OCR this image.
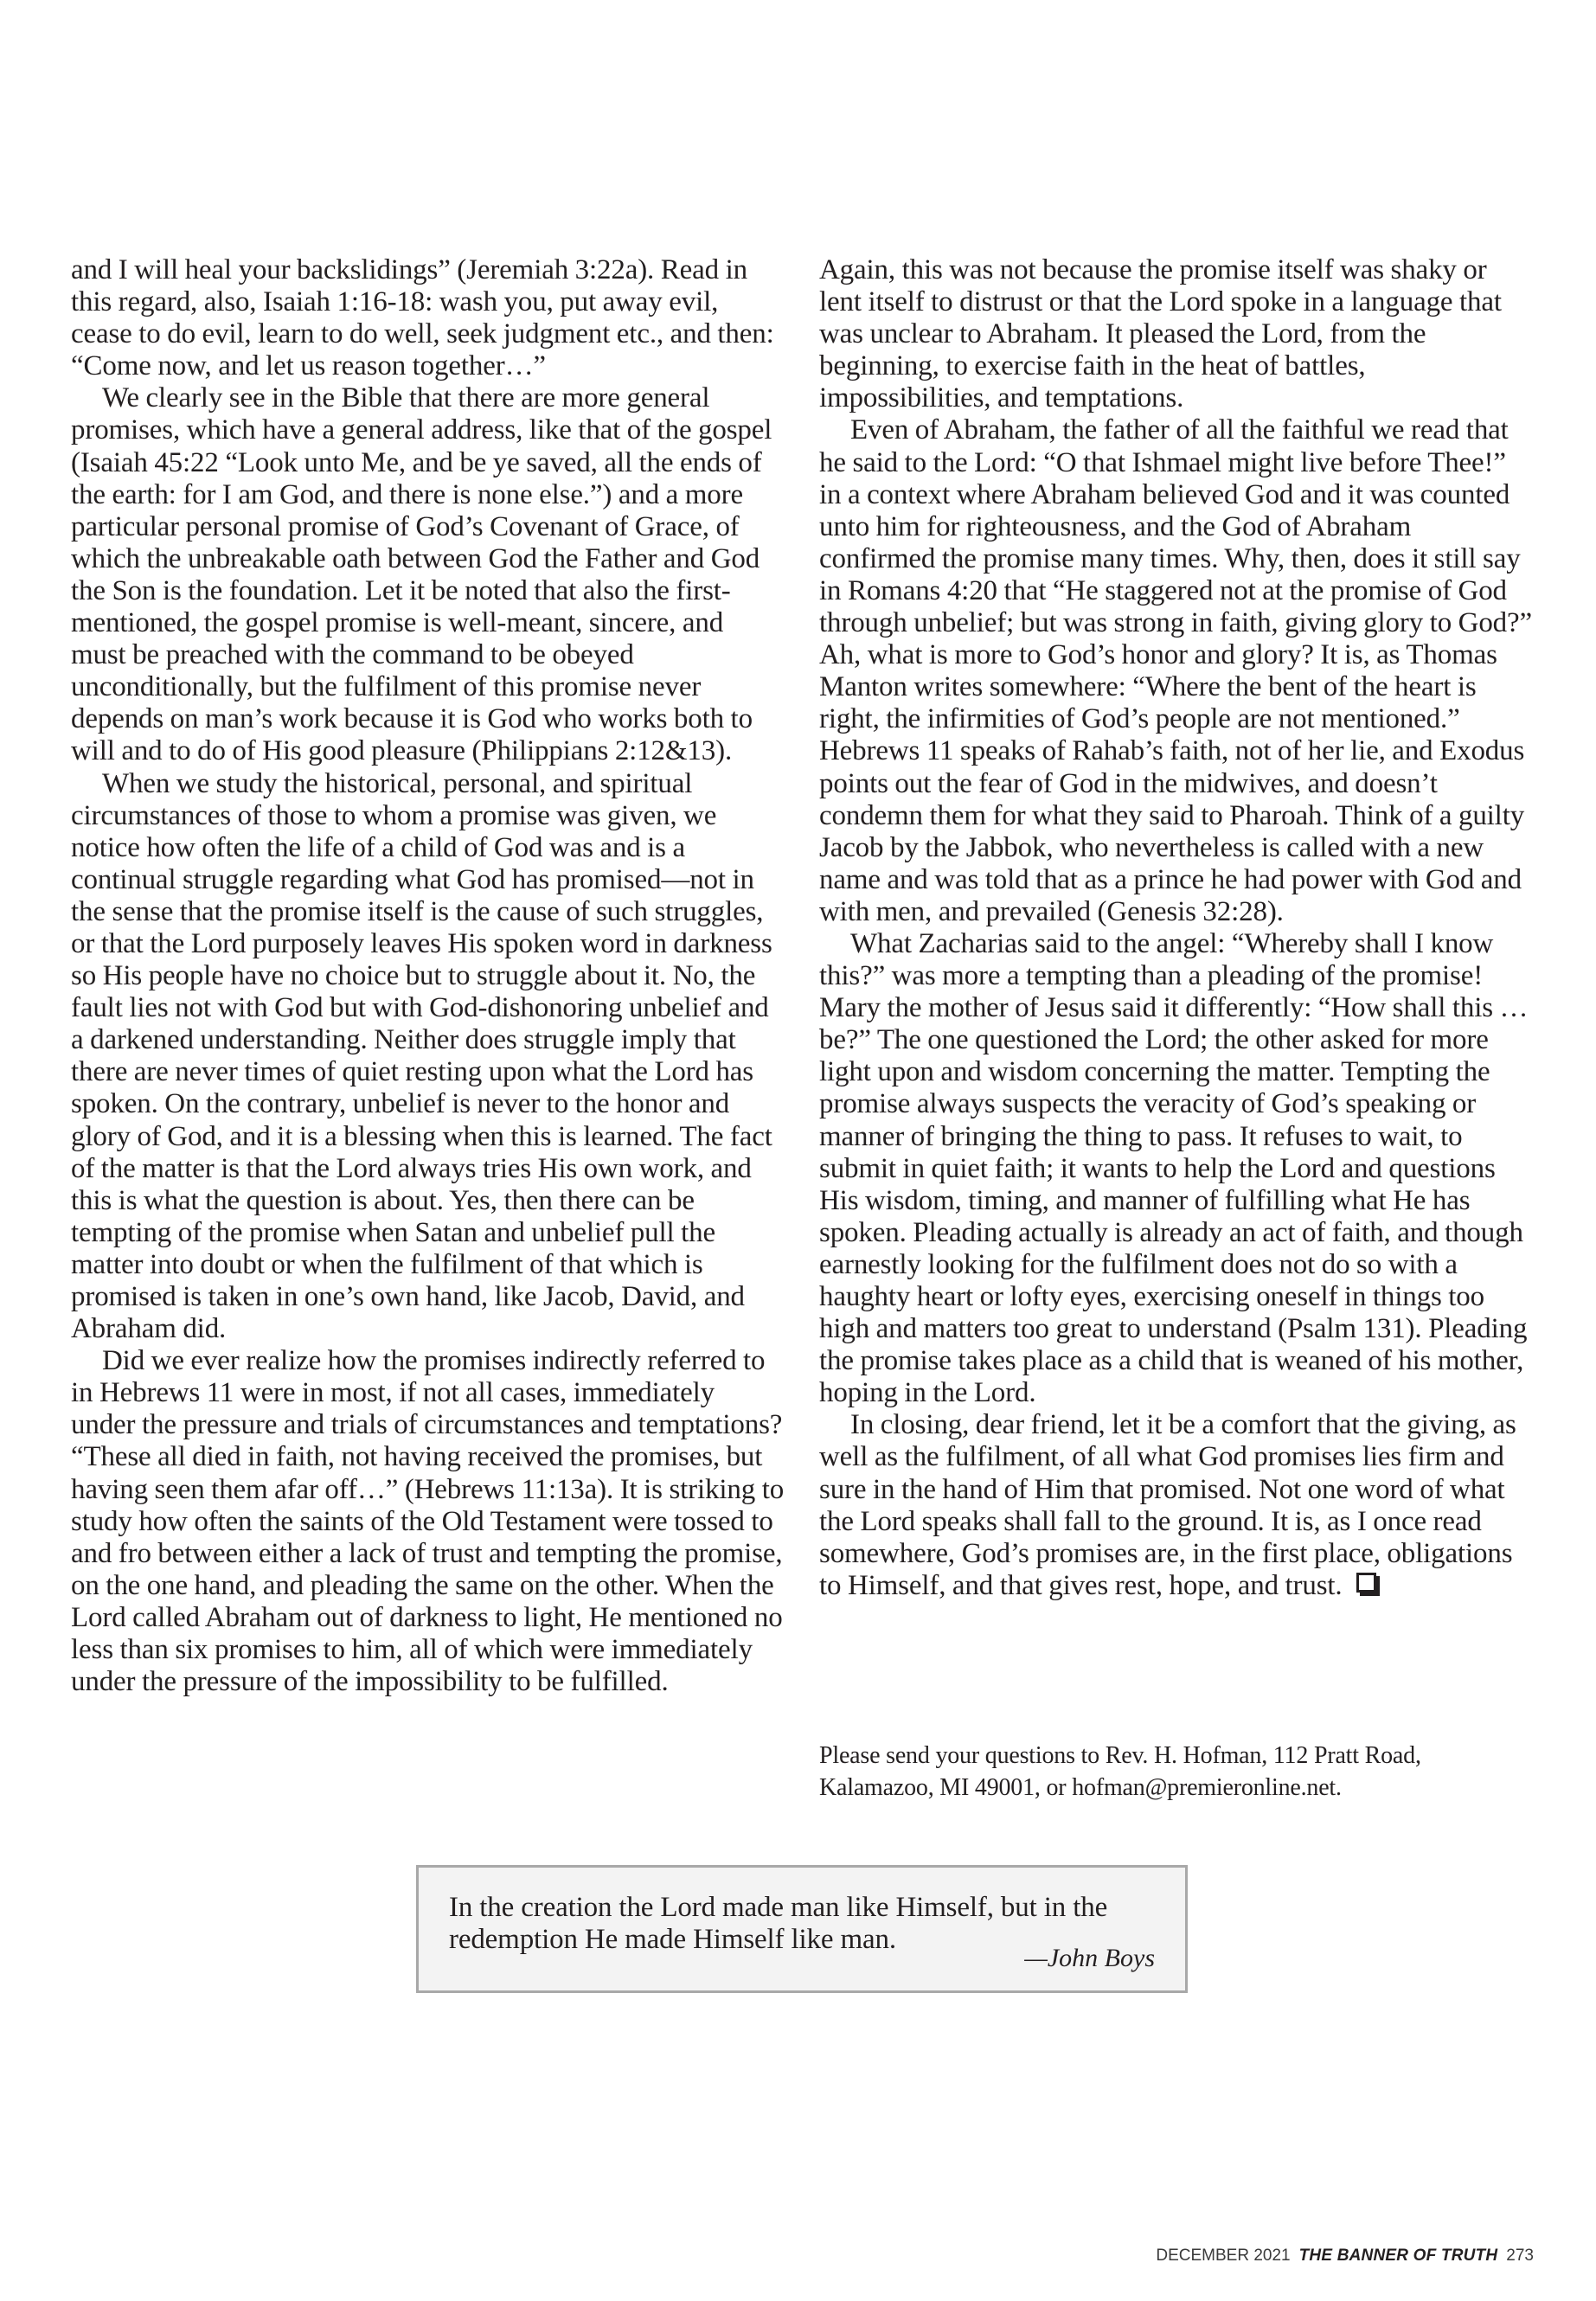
and I will heal your backslidings” (Jeremiah 3:22a). Read in this regard, also, Isaiah 1:16-18: wash you, put away evil, cease to do evil, learn to do well, seek judgment etc., and then: “Come now, and let us reason together…”

We clearly see in the Bible that there are more general promises, which have a general address, like that of the gospel (Isaiah 45:22 “Look unto Me, and be ye saved, all the ends of the earth: for I am God, and there is none else.”) and a more particular personal promise of God’s Covenant of Grace, of which the unbreakable oath between God the Father and God the Son is the foundation. Let it be noted that also the first-mentioned, the gospel promise is well-meant, sincere, and must be preached with the command to be obeyed unconditionally, but the fulfilment of this promise never depends on man’s work because it is God who works both to will and to do of His good pleasure (Philippians 2:12&13).

When we study the historical, personal, and spiritual circumstances of those to whom a promise was given, we notice how often the life of a child of God was and is a continual struggle regarding what God has promised—not in the sense that the promise itself is the cause of such struggles, or that the Lord purposely leaves His spoken word in darkness so His people have no choice but to struggle about it. No, the fault lies not with God but with God-dishonoring unbelief and a darkened understanding. Neither does struggle imply that there are never times of quiet resting upon what the Lord has spoken. On the contrary, unbelief is never to the honor and glory of God, and it is a blessing when this is learned. The fact of the matter is that the Lord always tries His own work, and this is what the question is about. Yes, then there can be tempting of the promise when Satan and unbelief pull the matter into doubt or when the fulfilment of that which is promised is taken in one’s own hand, like Jacob, David, and Abraham did.

Did we ever realize how the promises indirectly referred to in Hebrews 11 were in most, if not all cases, immediately under the pressure and trials of circumstances and temptations? “These all died in faith, not having received the promises, but having seen them afar off…” (Hebrews 11:13a). It is striking to study how often the saints of the Old Testament were tossed to and fro between either a lack of trust and tempting the promise, on the one hand, and pleading the same on the other. When the Lord called Abraham out of darkness to light, He mentioned no less than six promises to him, all of which were immediately under the pressure of the impossibility to be fulfilled.

Again, this was not because the promise itself was shaky or lent itself to distrust or that the Lord spoke in a language that was unclear to Abraham. It pleased the Lord, from the beginning, to exercise faith in the heat of battles, impossibilities, and temptations.

Even of Abraham, the father of all the faithful we read that he said to the Lord: “O that Ishmael might live before Thee!” in a context where Abraham believed God and it was counted unto him for righteousness, and the God of Abraham confirmed the promise many times. Why, then, does it still say in Romans 4:20 that “He staggered not at the promise of God through unbelief; but was strong in faith, giving glory to God?” Ah, what is more to God’s honor and glory? It is, as Thomas Manton writes somewhere: “Where the bent of the heart is right, the infirmities of God’s people are not mentioned.” Hebrews 11 speaks of Rahab’s faith, not of her lie, and Exodus points out the fear of God in the midwives, and doesn’t condemn them for what they said to Pharoah. Think of a guilty Jacob by the Jabbok, who nevertheless is called with a new name and was told that as a prince he had power with God and with men, and prevailed (Genesis 32:28).

What Zacharias said to the angel: “Whereby shall I know this?” was more a tempting than a pleading of the promise! Mary the mother of Jesus said it differently: “How shall this …be?” The one questioned the Lord; the other asked for more light upon and wisdom concerning the matter. Tempting the promise always suspects the veracity of God’s speaking or manner of bringing the thing to pass. It refuses to wait, to submit in quiet faith; it wants to help the Lord and questions His wisdom, timing, and manner of fulfilling what He has spoken. Pleading actually is already an act of faith, and though earnestly looking for the fulfilment does not do so with a haughty heart or lofty eyes, exercising oneself in things too high and matters too great to understand (Psalm 131). Pleading the promise takes place as a child that is weaned of his mother, hoping in the Lord.

In closing, dear friend, let it be a comfort that the giving, as well as the fulfilment, of all what God promises lies firm and sure in the hand of Him that promised. Not one word of what the Lord speaks shall fall to the ground. It is, as I once read somewhere, God’s promises are, in the first place, obligations to Himself, and that gives rest, hope, and trust.

Please send your questions to Rev. H. Hofman, 112 Pratt Road, Kalamazoo, MI 49001, or hofman@premieronline.net.

In the creation the Lord made man like Himself, but in the redemption He made Himself like man.

—John Boys
DECEMBER 2021 THE BANNER OF TRUTH 273
